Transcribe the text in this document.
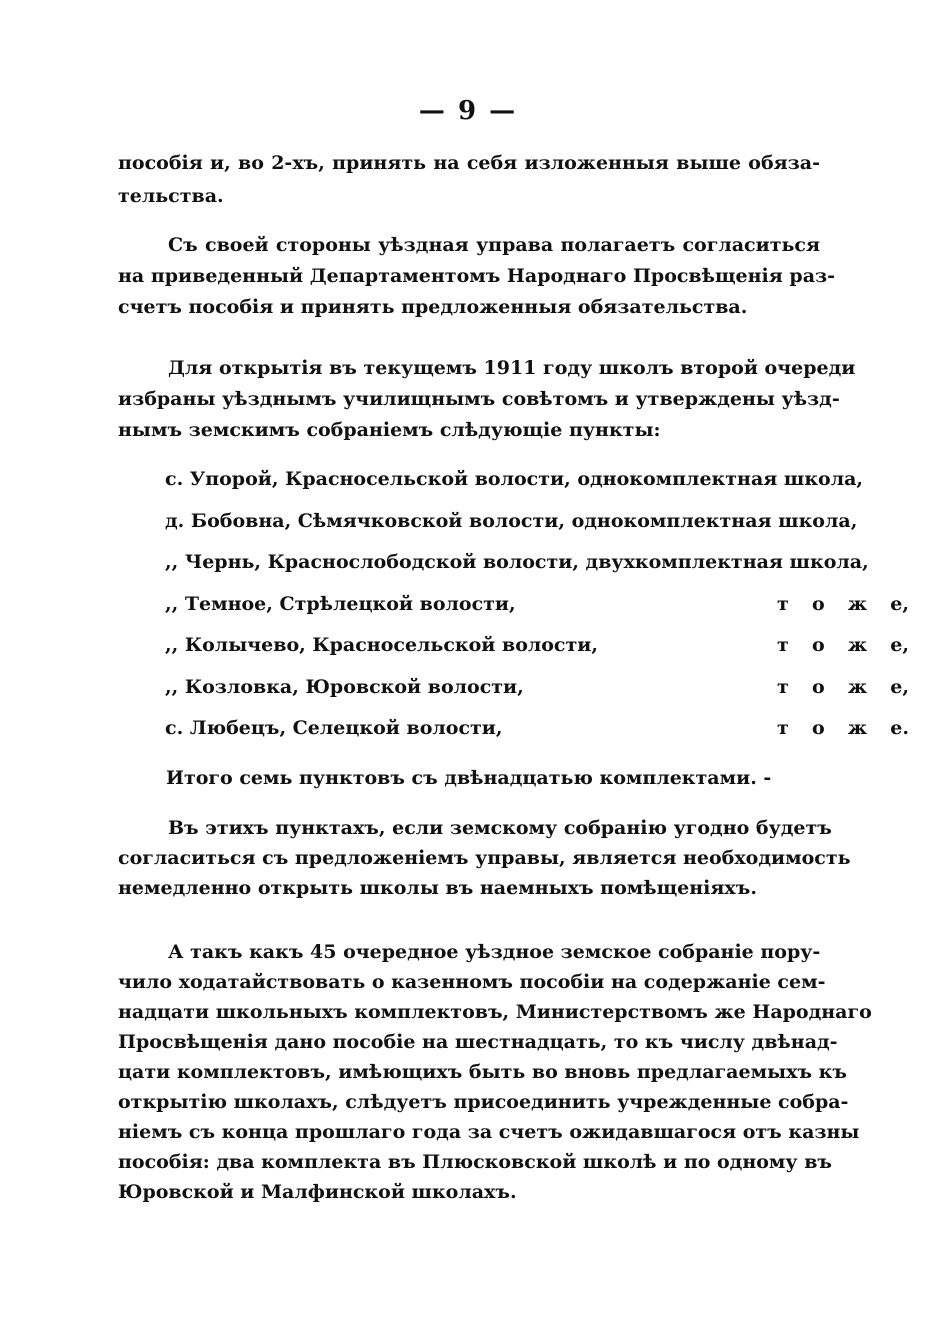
— 9 —
пособія и, во 2-хъ, принять на себя изложенныя выше обяза-
тельства.
Съ своей стороны уѣздная управа полагаетъ согласиться
на приведенный Департаментомъ Народнаго Просвѣщенія раз-
счетъ пособія и принять предложенныя обязательства.
Для открытія въ текущемъ 1911 году школъ второй очереди
избраны уѣзднымъ училищнымъ совѣтомъ и утверждены уѣзд-
нымъ земскимъ собраніемъ слѣдующіе пункты:
с. Упорой, Красносельской волости, однокомплектная школа,
д. Бобовна, Сѣмячковской волости, однокомплектная школа,
,, Чернь, Краснослободской волости, двухкомплектная школа,
,, Темное, Стрѣлецкой волости,	т о ж е,
,, Колычево, Красносельской волости,	т о ж е,
,, Козловка, Юровской волости,	т о ж е,
с. Любецъ, Селецкой волости,	т о ж е.
Итого семь пунктовъ съ двѣнадцатью комплектами. -
Въ этихъ пунктахъ, если земскому собранію угодно будетъ
согласиться съ предложеніемъ управы, является необходимость
немедленно открыть школы въ наемныхъ помѣщеніяхъ.
А такъ какъ 45 очередное уѣздное земское собраніе пору-
чило ходатайствовать о казенномъ пособіи на содержаніе сем-
надцати школьныхъ комплектовъ, Министерствомъ же Народнаго
Просвѣщенія дано пособіе на шестнадцать, то къ числу двѣнад-
цати комплектовъ, имѣющихъ быть во вновь предлагаемыхъ къ
открытію школахъ, слѣдуетъ присоединить учрежденные собра-
ніемъ съ конца прошлаго года за счетъ ожидавшагося отъ казны
пособія: два комплекта въ Плюсковской школѣ и по одному въ
Юровской и Малфинской школахъ.
